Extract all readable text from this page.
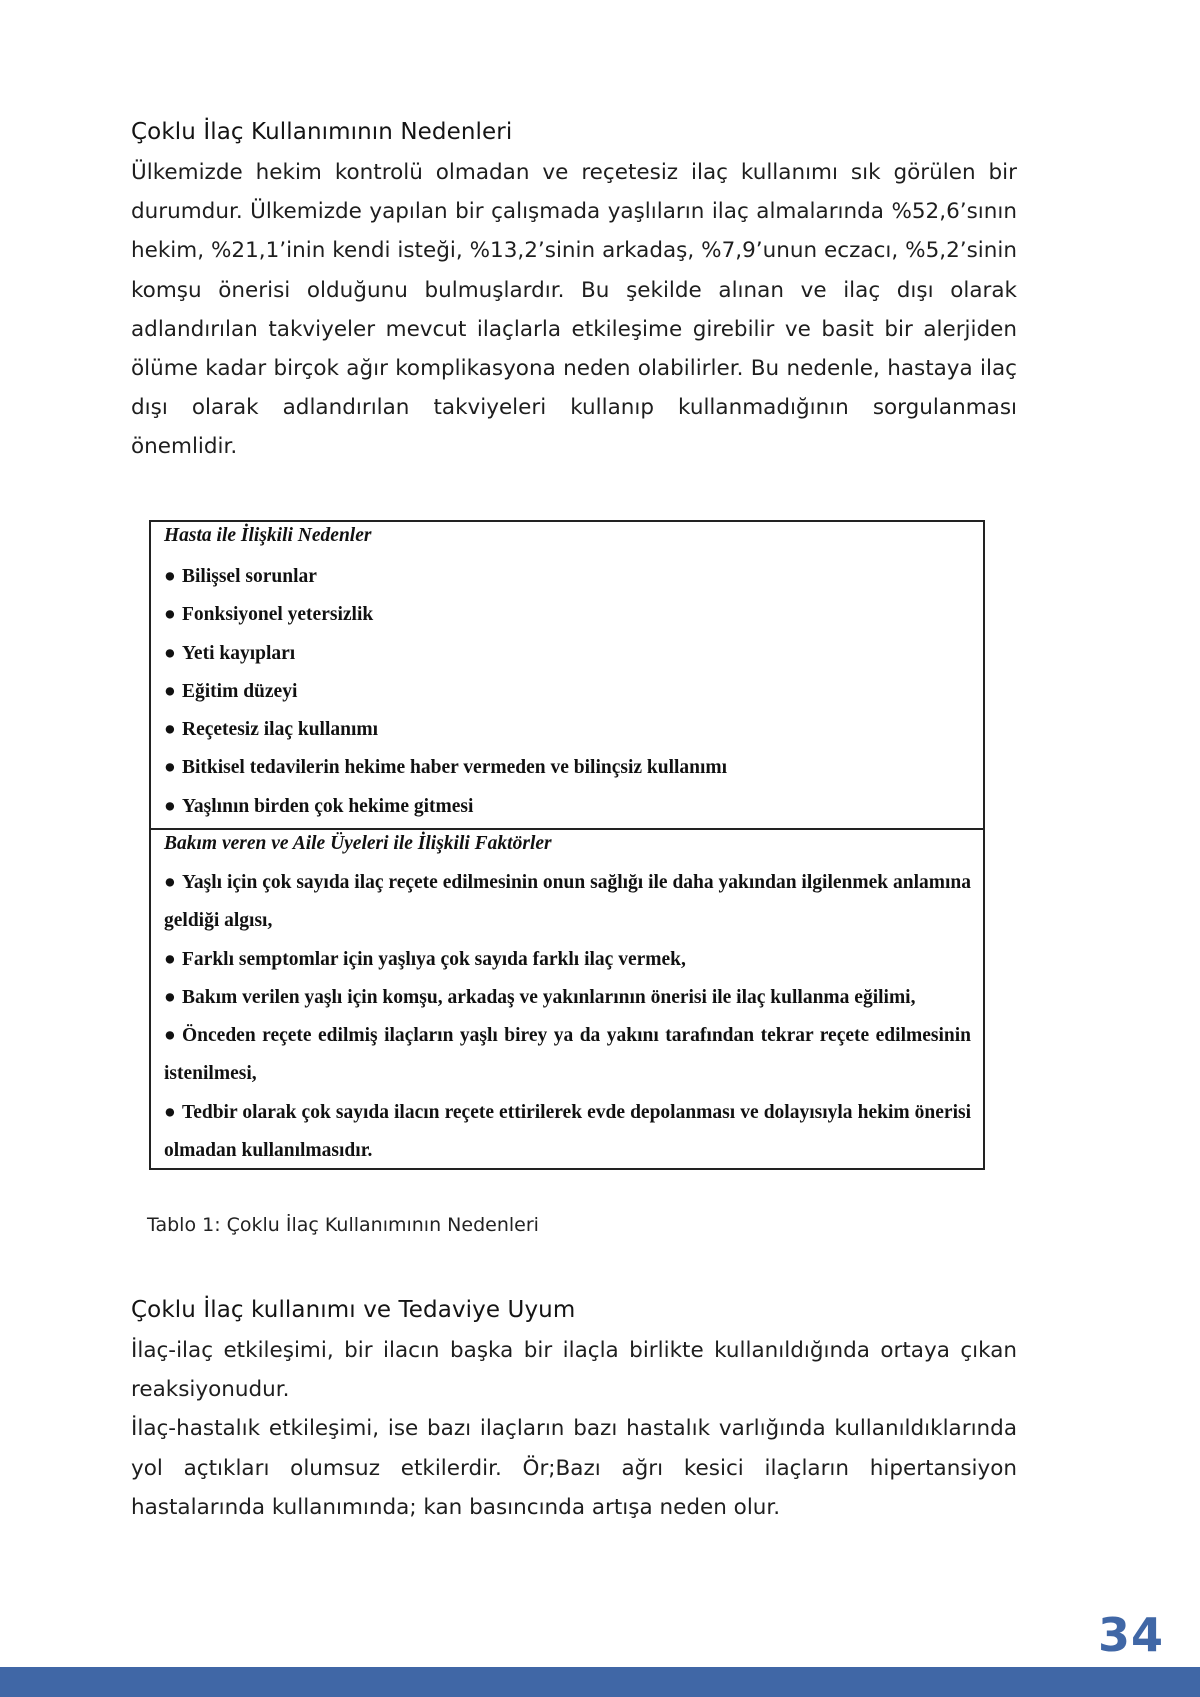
Çoklu İlaç Kullanımının Nedenleri

Ülkemizde hekim kontrolü olmadan ve reçetesiz ilaç kullanımı sık görülen bir durumdur. Ülkemizde yapılan bir çalışmada yaşlıların ilaç almalarında %52,6’sının hekim, %21,1’inin kendi isteği, %13,2’sinin arkadaş, %7,9’unun eczacı, %5,2’sinin komşu önerisi olduğunu bulmuşlardır. Bu şekilde alınan ve ilaç dışı olarak adlandırılan takviyeler mevcut ilaçlarla etkileşime girebilir ve basit bir alerjiden ölüme kadar birçok ağır komplikasyona neden olabilirler. Bu nedenle, hastaya ilaç dışı olarak adlandırılan takviyeleri kullanıp kullanmadığının sorgulanması önemlidir.

Hasta ile İlişkili Nedenler
● Bilişsel sorunlar
● Fonksiyonel yetersizlik
● Yeti kayıpları
● Eğitim düzeyi
● Reçetesiz ilaç kullanımı
● Bitkisel tedavilerin hekime haber vermeden ve bilinçsiz kullanımı
● Yaşlının birden çok hekime gitmesi
Bakım veren ve Aile Üyeleri ile İlişkili Faktörler
● Yaşlı için çok sayıda ilaç reçete edilmesinin onun sağlığı ile daha yakından ilgilenmek anlamına geldiği algısı,
● Farklı semptomlar için yaşlıya çok sayıda farklı ilaç vermek,
● Bakım verilen yaşlı için komşu, arkadaş ve yakınlarının önerisi ile ilaç kullanma eğilimi,
● Önceden reçete edilmiş ilaçların yaşlı birey ya da yakını tarafından tekrar reçete edilmesinin istenilmesi,
● Tedbir olarak çok sayıda ilacın reçete ettirilerek evde depolanması ve dolayısıyla hekim önerisi olmadan kullanılmasıdır.
Tablo 1: Çoklu İlaç Kullanımının Nedenleri
Çoklu İlaç kullanımı ve Tedaviye Uyum

İlaç-ilaç etkileşimi, bir ilacın başka bir ilaçla birlikte kullanıldığında ortaya çıkan reaksiyonudur.

İlaç-hastalık etkileşimi, ise bazı ilaçların bazı hastalık varlığında kullanıldıklarında yol açtıkları olumsuz etkilerdir. Ör;Bazı ağrı kesici ilaçların hipertansiyon hastalarında kullanımında; kan basıncında artışa neden olur.

34
